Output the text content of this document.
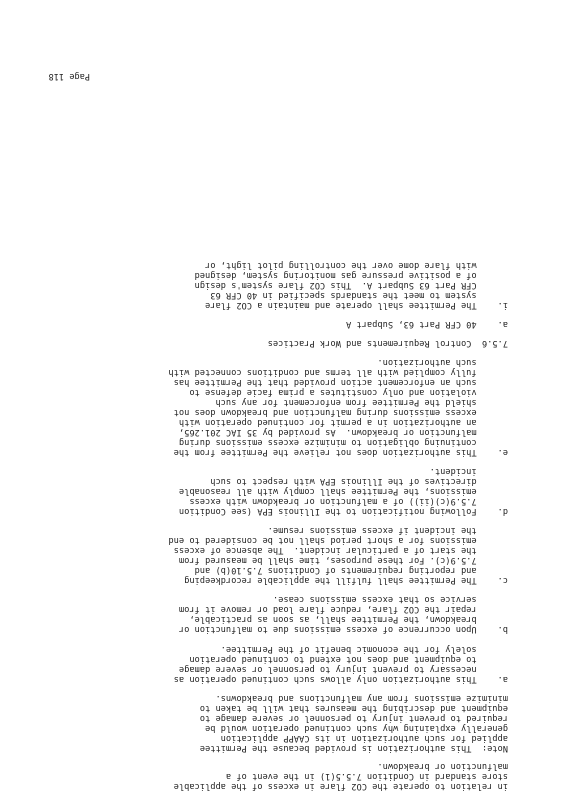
in relation to operate the CO2 flare in excess of the applicable
store standard in Condition 7.5.5(1) in the event of a
malfunction or breakdown.
Note:  This authorization is provided because the Permittee
applied for such authorization in its CAAPP application
generally explaining why such continued operation would be
required to prevent injury to personnel or severe damage to
equipment and describing the measures that will be taken to
minimize emissions from any malfunctions and breakdowns.
a.    This authorization only allows such continued operation as
necessary to prevent injury to personnel or severe damage
to equipment and does not extend to continued operation
solely for the economic benefit of the Permittee.
b.    Upon occurrence of excess emissions due to malfunction or
breakdown, the Permittee shall, as soon as practicable,
repair the CO2 flare, reduce flare load or remove it from
service so that excess emissions cease.
c.    The Permittee shall fulfill the applicable recordkeeping
and reporting requirements of Conditions 7.5.10(b) and
7.5.9(c). For these purposes, time shall be measured from
the start of a particular incident.  The absence of excess
emissions for a short period shall not be considered to end
the incident if excess emissions resume.
d.    Following notification to the Illinois EPA (see Condition
7.5.9(c)(ii)) of a malfunction or breakdown with excess
emissions, the Permittee shall comply with all reasonable
directives of the Illinois EPA with respect to such
incident.
e.    This authorization does not relieve the Permittee from the
continuing obligation to minimize excess emissions during
malfunction or breakdown.  As provided by 35 IAC 201.265,
an authorization in a permit for continued operation with
excess emissions during malfunction and breakdown does not
shield the Permittee from enforcement for any such
violation and only constitutes a prima facie defense to
such an enforcement action provided that the Permittee has
fully complied with all terms and conditions connected with
such authorization.
7.5.6  Control Requirements and Work Practices
a.    40 CFR Part 63, Subpart A
i.    The Permittee shall operate and maintain a CO2 flare
system to meet the standards specified in 40 CFR 63
CFR Part 63 Subpart A.  This CO2 flare system's design
of a positive pressure gas monitoring system, designed
with flare dome over the controlling pilot light, or
Page 118
